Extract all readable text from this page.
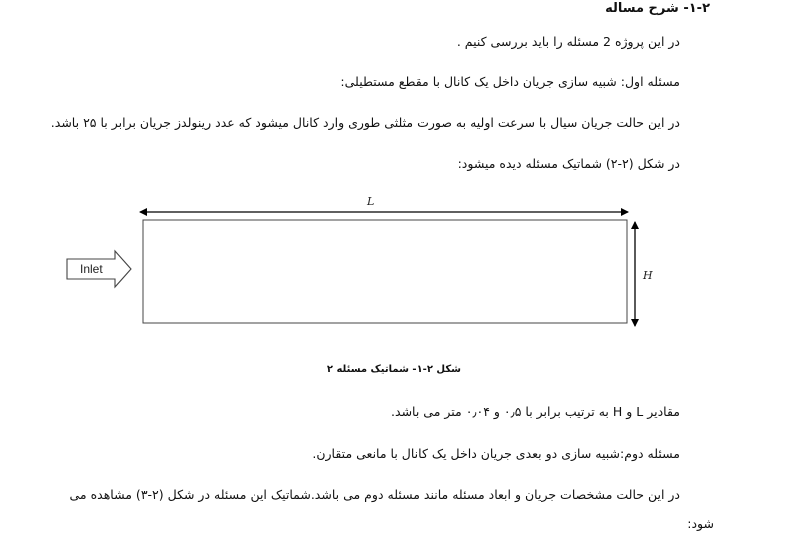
۱-۲- شرح مساله
در این پروژه 2 مسئله را باید بررسی کنیم .
مسئله اول: شبیه سازی جریان داخل یک کانال با مقطع مستطیلی:
در این حالت جریان سیال با سرعت اولیه به صورت مثلثی طوری وارد کانال میشود که عدد رینولدز جریان برابر با ۲۵ باشد.
در شکل (۲-۲) شماتیک مسئله دیده میشود:
L
H
Inlet
شکل ۲-۱- شماتیک مسئله ۲
مقادیر L و H به ترتیب برابر با ۰٫۵ و ۰٫۰۴ متر می باشد.
مسئله دوم:شبیه سازی دو بعدی جریان داخل یک کانال با مانعی متقارن.
در این حالت مشخصات جریان و ابعاد مسئله مانند مسئله دوم می باشد.شماتیک این مسئله در شکل (۲-۳) مشاهده می
شود:
